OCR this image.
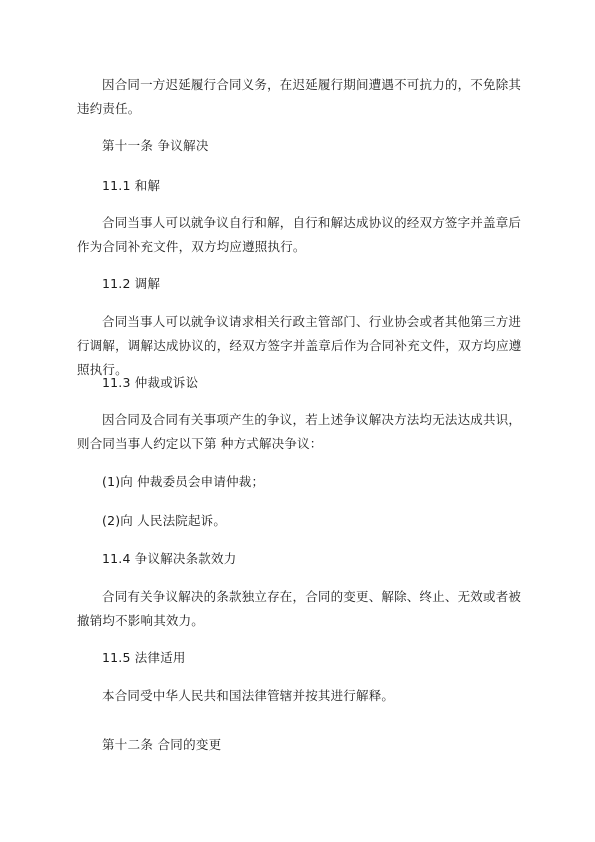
因合同一方迟延履行合同义务，在迟延履行期间遭遇不可抗力的，不免除其违约责任。

第十一条 争议解决

11.1 和解

合同当事人可以就争议自行和解，自行和解达成协议的经双方签字并盖章后作为合同补充文件，双方均应遵照执行。

11.2 调解

合同当事人可以就争议请求相关行政主管部门、行业协会或者其他第三方进行调解，调解达成协议的，经双方签字并盖章后作为合同补充文件，双方均应遵照执行。

11.3 仲裁或诉讼

因合同及合同有关事项产生的争议，若上述争议解决方法均无法达成共识，则合同当事人约定以下第 种方式解决争议：

(1)向 仲裁委员会申请仲裁；

(2)向 人民法院起诉。

11.4 争议解决条款效力

合同有关争议解决的条款独立存在，合同的变更、解除、终止、无效或者被撤销均不影响其效力。

11.5 法律适用

本合同受中华人民共和国法律管辖并按其进行解释。

第十二条 合同的变更
